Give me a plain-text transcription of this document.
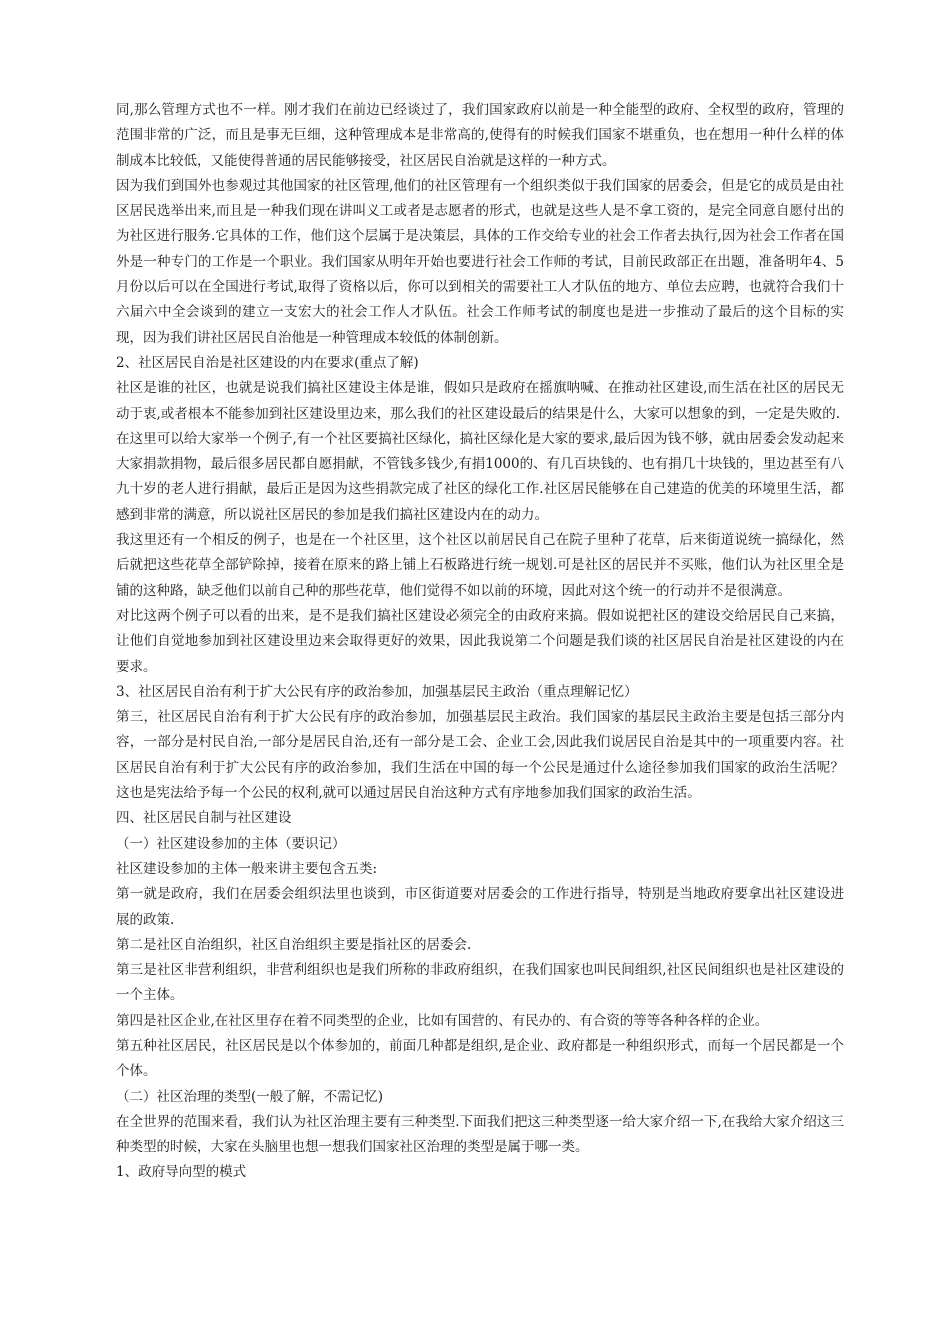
同,那么管理方式也不一样。刚才我们在前边已经谈过了，我们国家政府以前是一种全能型的政府、全权型的政府，管理的范围非常的广泛，而且是事无巨细，这种管理成本是非常高的,使得有的时候我们国家不堪重负，也在想用一种什么样的体制成本比较低，又能使得普通的居民能够接受，社区居民自治就是这样的一种方式。

因为我们到国外也参观过其他国家的社区管理,他们的社区管理有一个组织类似于我们国家的居委会，但是它的成员是由社区居民选举出来,而且是一种我们现在讲叫义工或者是志愿者的形式，也就是这些人是不拿工资的，是完全同意自愿付出的为社区进行服务.它具体的工作，他们这个层属于是决策层，具体的工作交给专业的社会工作者去执行,因为社会工作者在国外是一种专门的工作是一个职业。我们国家从明年开始也要进行社会工作师的考试，目前民政部正在出题，准备明年4、5月份以后可以在全国进行考试,取得了资格以后，你可以到相关的需要社工人才队伍的地方、单位去应聘，也就符合我们十六届六中全会谈到的建立一支宏大的社会工作人才队伍。社会工作师考试的制度也是进一步推动了最后的这个目标的实现，因为我们讲社区居民自治他是一种管理成本较低的体制创新。

2、社区居民自治是社区建设的内在要求(重点了解)

社区是谁的社区，也就是说我们搞社区建设主体是谁，假如只是政府在摇旗呐喊、在推动社区建设,而生活在社区的居民无动于衷,或者根本不能参加到社区建设里边来，那么我们的社区建设最后的结果是什么，大家可以想象的到，一定是失败的.

在这里可以给大家举一个例子,有一个社区要搞社区绿化，搞社区绿化是大家的要求,最后因为钱不够，就由居委会发动起来大家捐款捐物，最后很多居民都自愿捐献，不管钱多钱少,有捐1000的、有几百块钱的、也有捐几十块钱的，里边甚至有八九十岁的老人进行捐献，最后正是因为这些捐款完成了社区的绿化工作.社区居民能够在自己建造的优美的环境里生活，都感到非常的满意，所以说社区居民的参加是我们搞社区建设内在的动力。

我这里还有一个相反的例子，也是在一个社区里，这个社区以前居民自己在院子里种了花草，后来街道说统一搞绿化，然后就把这些花草全部铲除掉，接着在原来的路上铺上石板路进行统一规划.可是社区的居民并不买账，他们认为社区里全是铺的这种路，缺乏他们以前自己种的那些花草，他们觉得不如以前的环境，因此对这个统一的行动并不是很满意。

对比这两个例子可以看的出来，是不是我们搞社区建设必须完全的由政府来搞。假如说把社区的建设交给居民自己来搞，让他们自觉地参加到社区建设里边来会取得更好的效果，因此我说第二个问题是我们谈的社区居民自治是社区建设的内在要求。

3、社区居民自治有利于扩大公民有序的政治参加，加强基层民主政治（重点理解记忆）

第三，社区居民自治有利于扩大公民有序的政治参加，加强基层民主政治。我们国家的基层民主政治主要是包括三部分内容，一部分是村民自治,一部分是居民自治,还有一部分是工会、企业工会,因此我们说居民自治是其中的一项重要内容。社区居民自治有利于扩大公民有序的政治参加，我们生活在中国的每一个公民是通过什么途径参加我们国家的政治生活呢？这也是宪法给予每一个公民的权利,就可以通过居民自治这种方式有序地参加我们国家的政治生活。

四、社区居民自制与社区建设

（一）社区建设参加的主体（要识记）

社区建设参加的主体一般来讲主要包含五类:

第一就是政府，我们在居委会组织法里也谈到，市区街道要对居委会的工作进行指导，特别是当地政府要拿出社区建设进展的政策.

第二是社区自治组织，社区自治组织主要是指社区的居委会.

第三是社区非营利组织，非营利组织也是我们所称的非政府组织，在我们国家也叫民间组织,社区民间组织也是社区建设的一个主体。

第四是社区企业,在社区里存在着不同类型的企业，比如有国营的、有民办的、有合资的等等各种各样的企业。

第五种社区居民，社区居民是以个体参加的，前面几种都是组织,是企业、政府都是一种组织形式，而每一个居民都是一个个体。

（二）社区治理的类型(一般了解，不需记忆)

在全世界的范围来看，我们认为社区治理主要有三种类型.下面我们把这三种类型逐一给大家介绍一下,在我给大家介绍这三种类型的时候，大家在头脑里也想一想我们国家社区治理的类型是属于哪一类。

1、政府导向型的模式
